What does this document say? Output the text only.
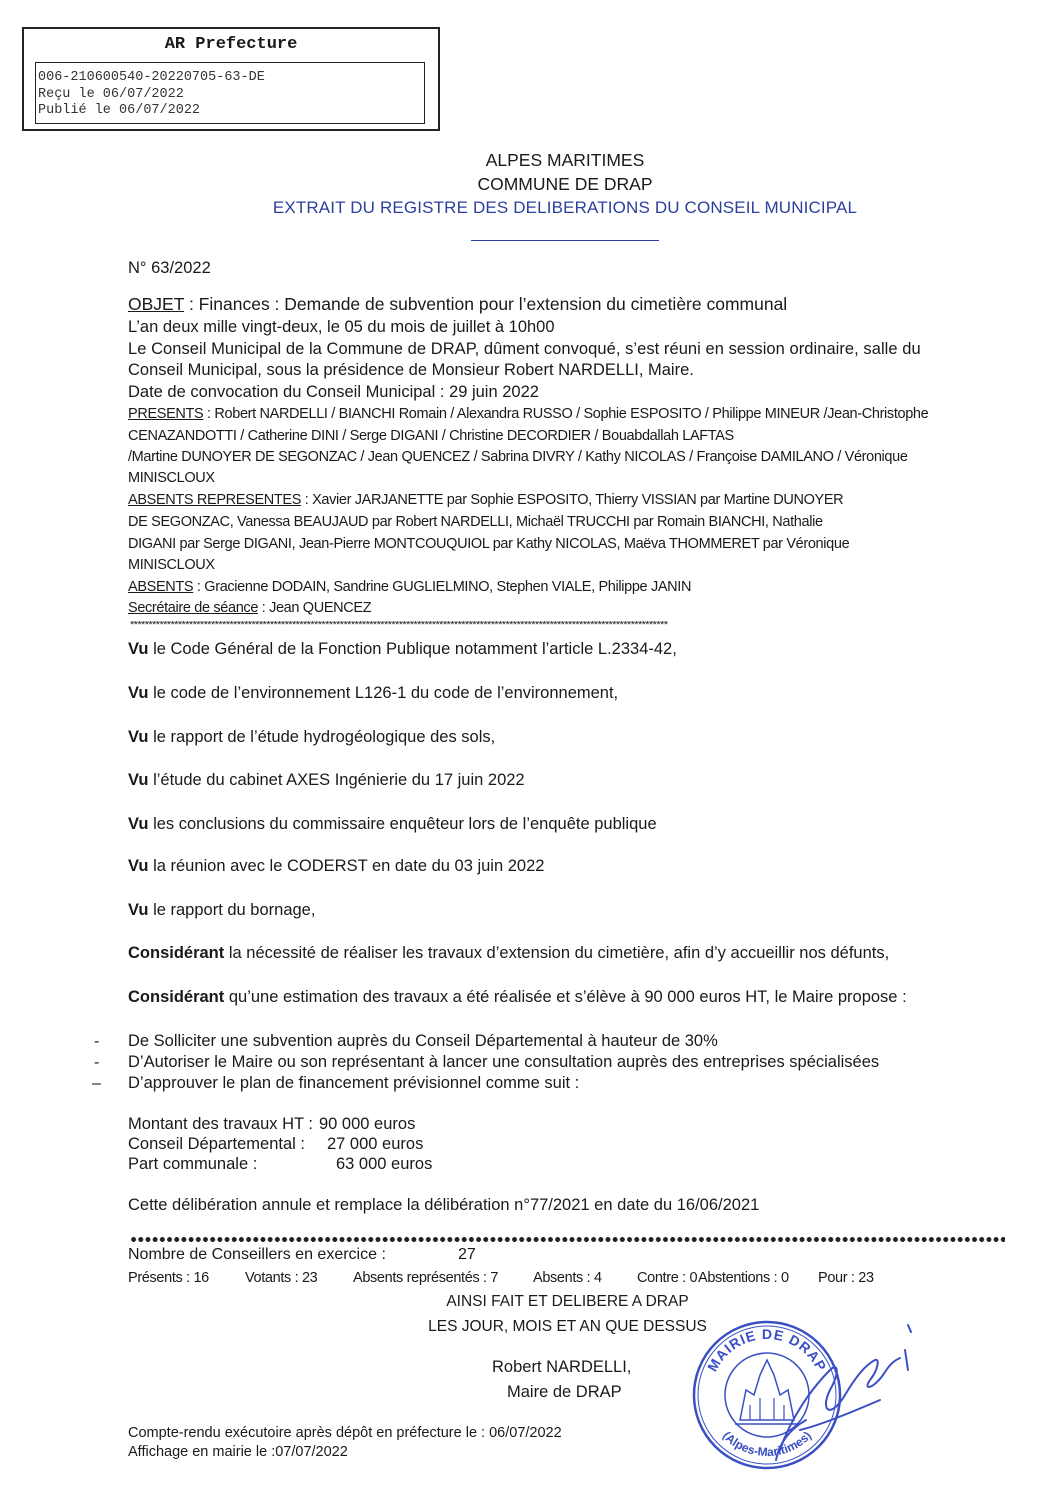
AR Prefecture
006-210600540-20220705-63-DE
Reçu le 06/07/2022
Publié le 06/07/2022
ALPES MARITIMES
COMMUNE DE DRAP
EXTRAIT DU REGISTRE DES DELIBERATIONS DU CONSEIL MUNICIPAL
N° 63/2022
OBJET : Finances : Demande de subvention pour l’extension du cimetière communal
L’an deux mille vingt-deux, le 05 du mois de juillet à 10h00
Le Conseil Municipal de la Commune de DRAP, dûment convoqué, s’est réuni en session ordinaire, salle du
Conseil Municipal, sous la présidence de Monsieur Robert NARDELLI, Maire.
Date de convocation du Conseil Municipal : 29 juin 2022
PRESENTS : Robert NARDELLI / BIANCHI Romain / Alexandra RUSSO / Sophie ESPOSITO / Philippe MINEUR /Jean-Christophe
CENAZANDOTTI / Catherine DINI / Serge DIGANI / Christine DECORDIER / Bouabdallah LAFTAS
/Martine DUNOYER DE SEGONZAC / Jean QUENCEZ / Sabrina DIVRY / Kathy NICOLAS / Françoise DAMILANO / Véronique
MINISCLOUX
ABSENTS REPRESENTES : Xavier JARJANETTE par Sophie ESPOSITO, Thierry VISSIAN par Martine DUNOYER
DE SEGONZAC, Vanessa BEAUJAUD par Robert NARDELLI, Michaël TRUCCHI par Romain BIANCHI, Nathalie
DIGANI par Serge DIGANI, Jean-Pierre MONTCOUQUIOL par Kathy NICOLAS, Maëva THOMMERET par Véronique
MINISCLOUX
ABSENTS : Gracienne DODAIN, Sandrine GUGLIELMINO, Stephen VIALE, Philippe JANIN
Secrétaire de séance : Jean QUENCEZ
**************************************************************************************************************************************************
Vu le Code Général de la Fonction Publique notamment l’article L.2334-42,
Vu le code de l’environnement L126-1 du code de l’environnement,
Vu le rapport de l’étude hydrogéologique des sols,
Vu l’étude du cabinet AXES Ingénierie du 17 juin 2022
Vu les conclusions du commissaire enquêteur lors de l’enquête publique
Vu la réunion avec le CODERST en date du 03 juin 2022
Vu le rapport du bornage,
Considérant la nécessité de réaliser les travaux d’extension du cimetière, afin d’y accueillir nos défunts,
Considérant qu’une estimation des travaux a été réalisée et s’élève à 90 000 euros HT, le Maire propose :
- De Solliciter une subvention auprès du Conseil Départemental à hauteur de 30%
- D’Autoriser le Maire ou son représentant à lancer une consultation auprès des entreprises spécialisées
– D’approuver le plan de financement prévisionnel comme suit :
Montant des travaux HT : 90 000 euros
Conseil Départemental : 27 000 euros
Part communale :	63 000 euros
Cette délibération annule et remplace la délibération n°77/2021 en date du 16/06/2021
Nombre de Conseillers en exercice :	27
Présents : 16 Votants : 23 Absents représentés : 7 Absents : 4 Contre : 0 Abstentions : 0 Pour : 23
AINSI FAIT ET DELIBERE A DRAP
LES JOUR, MOIS ET AN QUE DESSUS
Robert NARDELLI,
Maire de DRAP
MAIRIE DE DRAP
(Alpes-Maritimes)
Compte-rendu exécutoire après dépôt en préfecture le : 06/07/2022
Affichage en mairie le :07/07/2022
